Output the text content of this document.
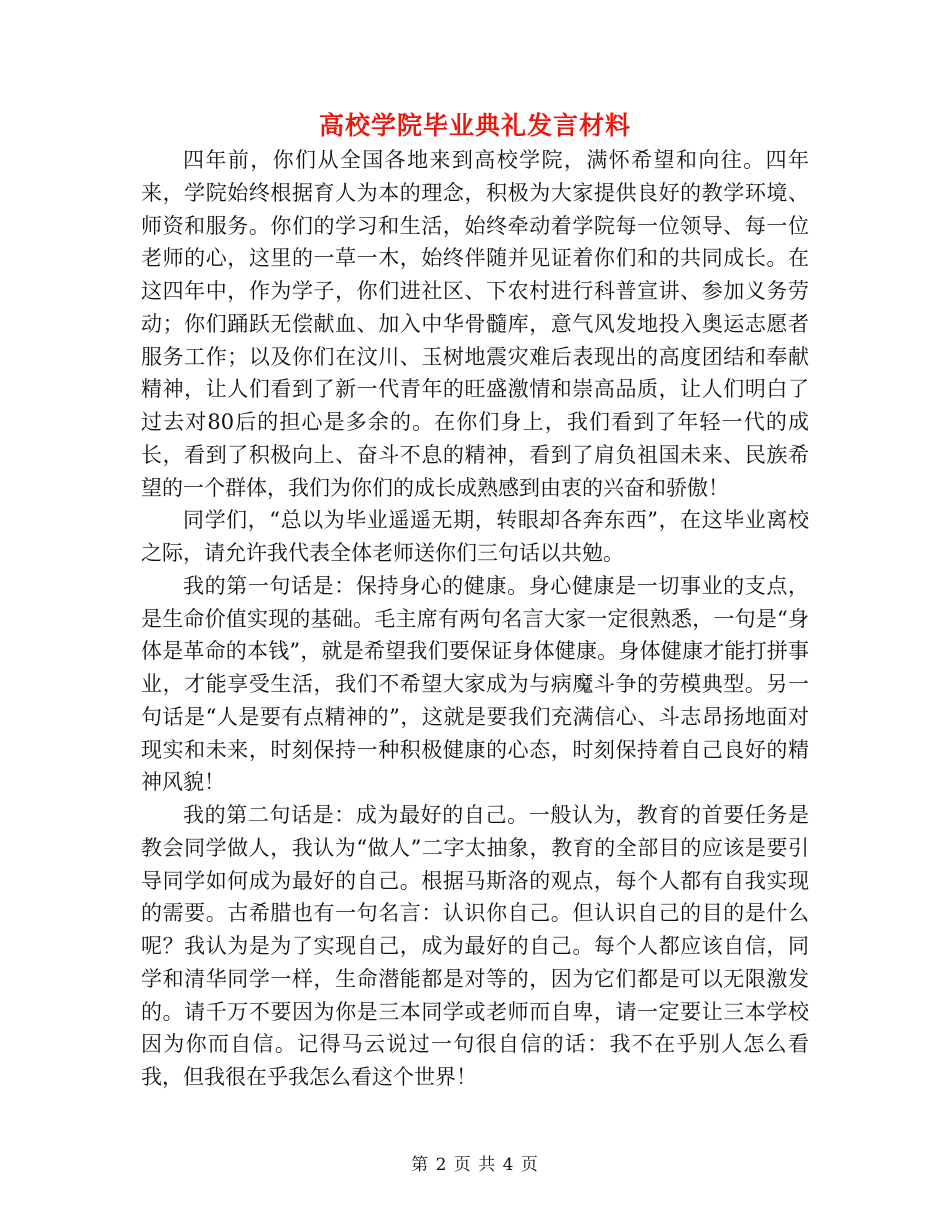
高校学院毕业典礼发言材料

四年前，你们从全国各地来到高校学院，满怀希望和向往。四年来，学院始终根据育人为本的理念，积极为大家提供良好的教学环境、师资和服务。你们的学习和生活，始终牵动着学院每一位领导、每一位老师的心，这里的一草一木，始终伴随并见证着你们和的共同成长。在这四年中，作为学子，你们进社区、下农村进行科普宣讲、参加义务劳动；你们踊跃无偿献血、加入中华骨髓库，意气风发地投入奥运志愿者服务工作；以及你们在汶川、玉树地震灾难后表现出的高度团结和奉献精神，让人们看到了新一代青年的旺盛激情和崇高品质，让人们明白了过去对80后的担心是多余的。在你们身上，我们看到了年轻一代的成长，看到了积极向上、奋斗不息的精神，看到了肩负祖国未来、民族希望的一个群体，我们为你们的成长成熟感到由衷的兴奋和骄傲！

同学们，“总以为毕业遥遥无期，转眼却各奔东西”，在这毕业离校之际，请允许我代表全体老师送你们三句话以共勉。

我的第一句话是：保持身心的健康。身心健康是一切事业的支点，是生命价值实现的基础。毛主席有两句名言大家一定很熟悉，一句是“身体是革命的本钱”，就是希望我们要保证身体健康。身体健康才能打拼事业，才能享受生活，我们不希望大家成为与病魔斗争的劳模典型。另一句话是“人是要有点精神的”，这就是要我们充满信心、斗志昂扬地面对现实和未来，时刻保持一种积极健康的心态，时刻保持着自己良好的精神风貌！

我的第二句话是：成为最好的自己。一般认为，教育的首要任务是教会同学做人，我认为“做人”二字太抽象，教育的全部目的应该是要引导同学如何成为最好的自己。根据马斯洛的观点，每个人都有自我实现的需要。古希腊也有一句名言：认识你自己。但认识自己的目的是什么呢？我认为是为了实现自己，成为最好的自己。每个人都应该自信，同学和清华同学一样，生命潜能都是对等的，因为它们都是可以无限激发的。请千万不要因为你是三本同学或老师而自卑，请一定要让三本学校因为你而自信。记得马云说过一句很自信的话：我不在乎别人怎么看我，但我很在乎我怎么看这个世界！

第 2 页 共 4 页
